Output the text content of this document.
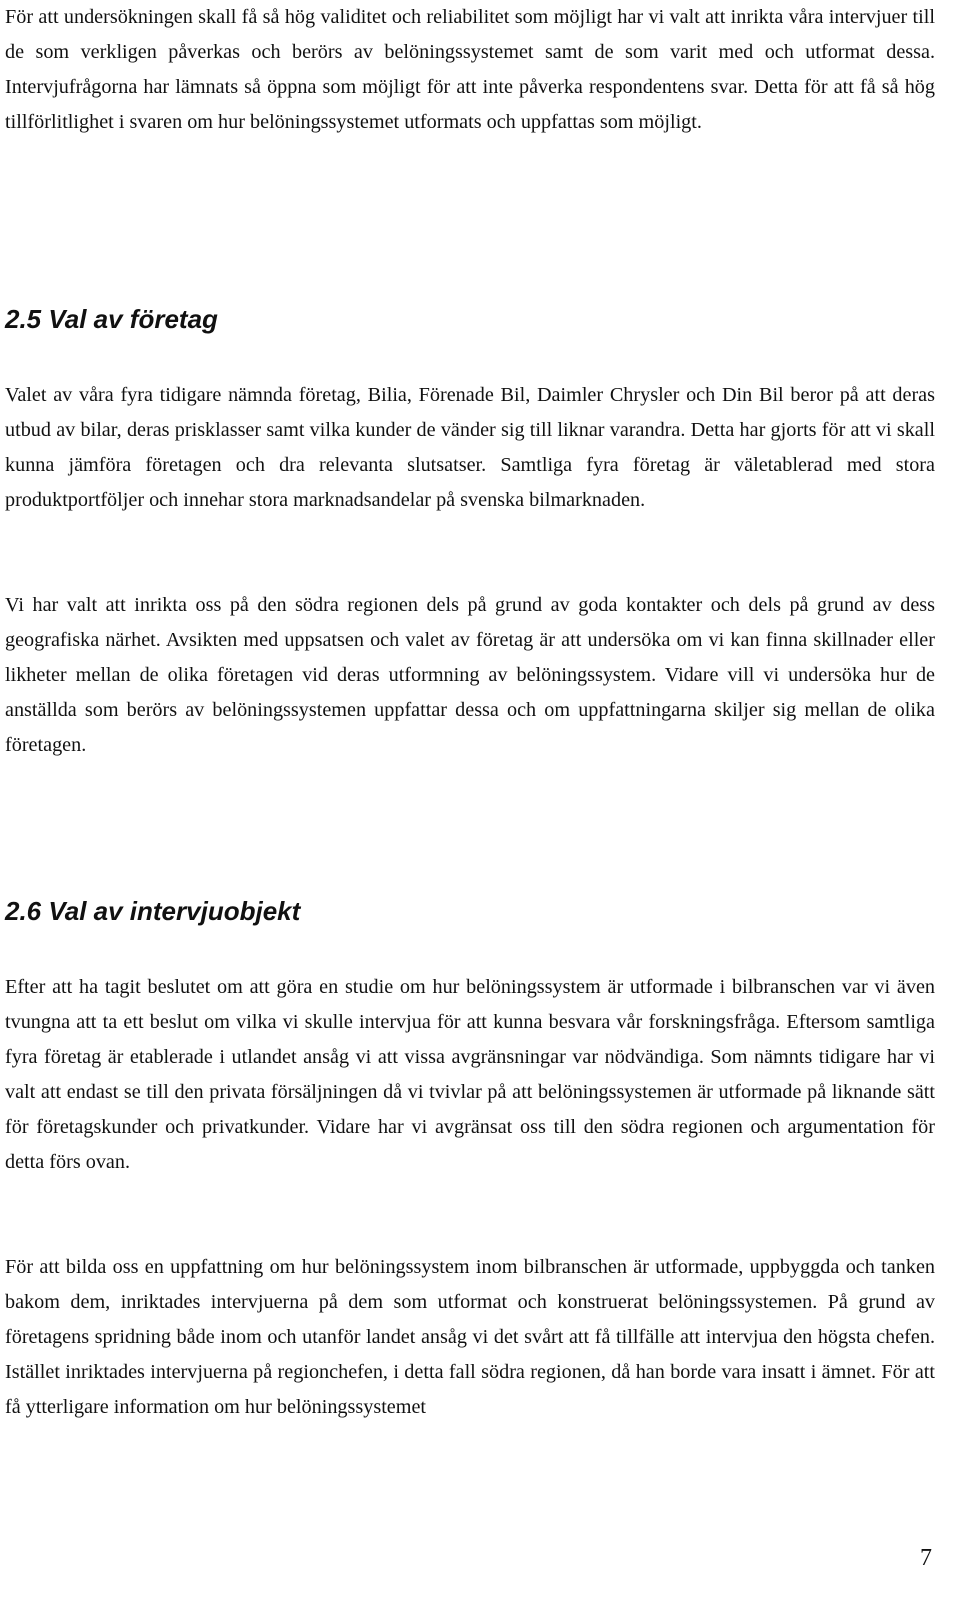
För att undersökningen skall få så hög validitet och reliabilitet som möjligt har vi valt att inrikta våra intervjuer till de som verkligen påverkas och berörs av belöningssystemet samt de som varit med och utformat dessa. Intervjufrågorna har lämnats så öppna som möjligt för att inte påverka respondentens svar. Detta för att få så hög tillförlitlighet i svaren om hur belöningssystemet utformats och uppfattas som möjligt.

2.5 Val av företag

Valet av våra fyra tidigare nämnda företag, Bilia, Förenade Bil, Daimler Chrysler och Din Bil beror på att deras utbud av bilar, deras prisklasser samt vilka kunder de vänder sig till liknar varandra. Detta har gjorts för att vi skall kunna jämföra företagen och dra relevanta slutsatser. Samtliga fyra företag är väletablerad med stora produktportföljer och innehar stora marknadsandelar på svenska bilmarknaden.

Vi har valt att inrikta oss på den södra regionen dels på grund av goda kontakter och dels på grund av dess geografiska närhet. Avsikten med uppsatsen och valet av företag är att undersöka om vi kan finna skillnader eller likheter mellan de olika företagen vid deras utformning av belöningssystem. Vidare vill vi undersöka hur de anställda som berörs av belöningssystemen uppfattar dessa och om uppfattningarna skiljer sig mellan de olika företagen.

2.6 Val av intervjuobjekt

Efter att ha tagit beslutet om att göra en studie om hur belöningssystem är utformade i bilbranschen var vi även tvungna att ta ett beslut om vilka vi skulle intervjua för att kunna besvara vår forskningsfråga. Eftersom samtliga fyra företag är etablerade i utlandet ansåg vi att vissa avgränsningar var nödvändiga. Som nämnts tidigare har vi valt att endast se till den privata försäljningen då vi tvivlar på att belöningssystemen är utformade på liknande sätt för företagskunder och privatkunder. Vidare har vi avgränsat oss till den södra regionen och argumentation för detta förs ovan.

För att bilda oss en uppfattning om hur belöningssystem inom bilbranschen är utformade, uppbyggda och tanken bakom dem, inriktades intervjuerna på dem som utformat och konstruerat belöningssystemen. På grund av företagens spridning både inom och utanför landet ansåg vi det svårt att få tillfälle att intervjua den högsta chefen. Istället inriktades intervjuerna på regionchefen, i detta fall södra regionen, då han borde vara insatt i ämnet. För att få ytterligare information om hur belöningssystemet

7
